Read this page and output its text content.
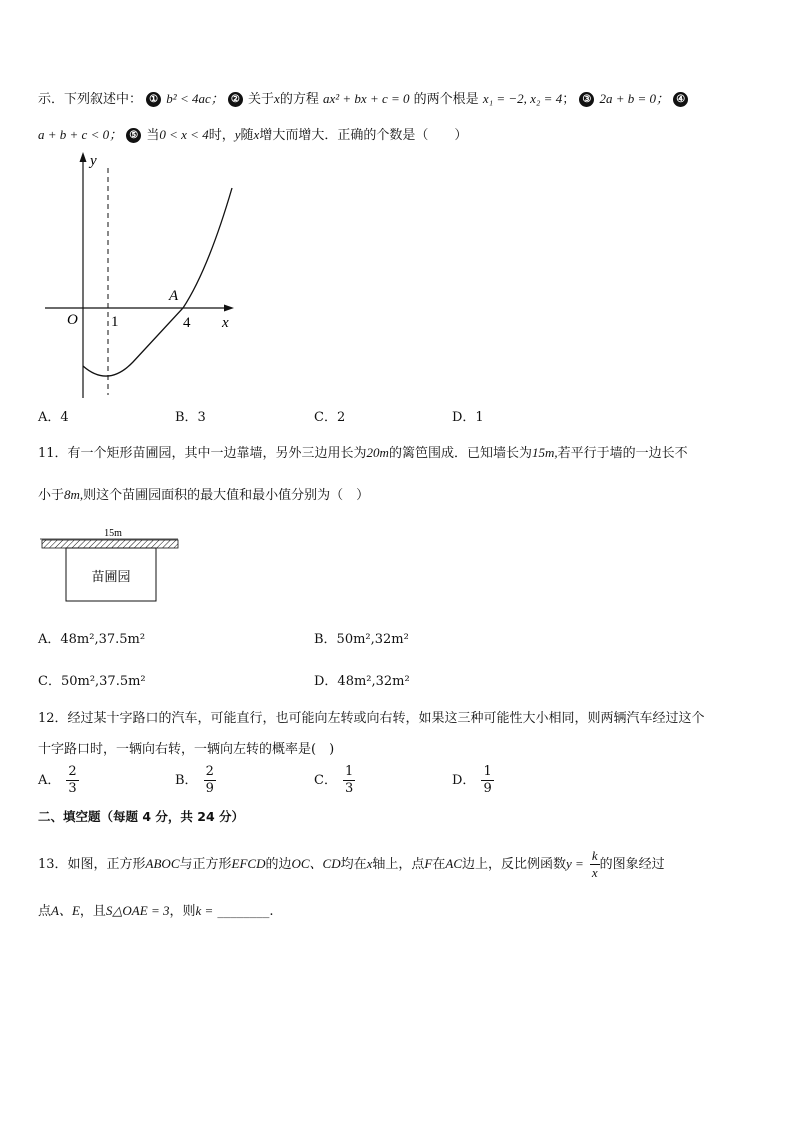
示．下列叙述中： ① b² < 4ac； ② 关于x的方程 ax² + bx + c = 0 的两个根是 x₁ = −2, x₂ = 4； ③ 2a + b = 0； ④
a + b + c < 0； ⑤ 当0 < x < 4时，y随x增大而增大．正确的个数是（　　）
y
x
O 1	4
A
A．4	B．3	C．2	D．1
11．有一个矩形苗圃园，其中一边靠墙，另外三边用长为20m的篱笆围成．已知墙长为15m,若平行于墙的一边长不
小于8m,则这个苗圃园面积的最大值和最小值分别为（　）
15m
苗圃园
A．48m²,37.5m²	B．50m²,32m²
C．50m²,37.5m²	D．48m²,32m²
12．经过某十字路口的汽车，可能直行，也可能向左转或向右转，如果这三种可能性大小相同，则两辆汽车经过这个
十字路口时，一辆向右转，一辆向左转的概率是(　)
A． $\frac{2}{3}$	B． $\frac{2}{9}$	C． $\frac{1}{3}$	D． $\frac{1}{9}$
二、填空题（每题 4 分，共 24 分）
13．如图，正方形ABOC与正方形EFCD的边OC、CD均在x轴上，点F在AC边上，反比例函数$y = \frac{k}{x}$ 的图象经过
点A、E，且S△OAE = 3，则k = ________.
